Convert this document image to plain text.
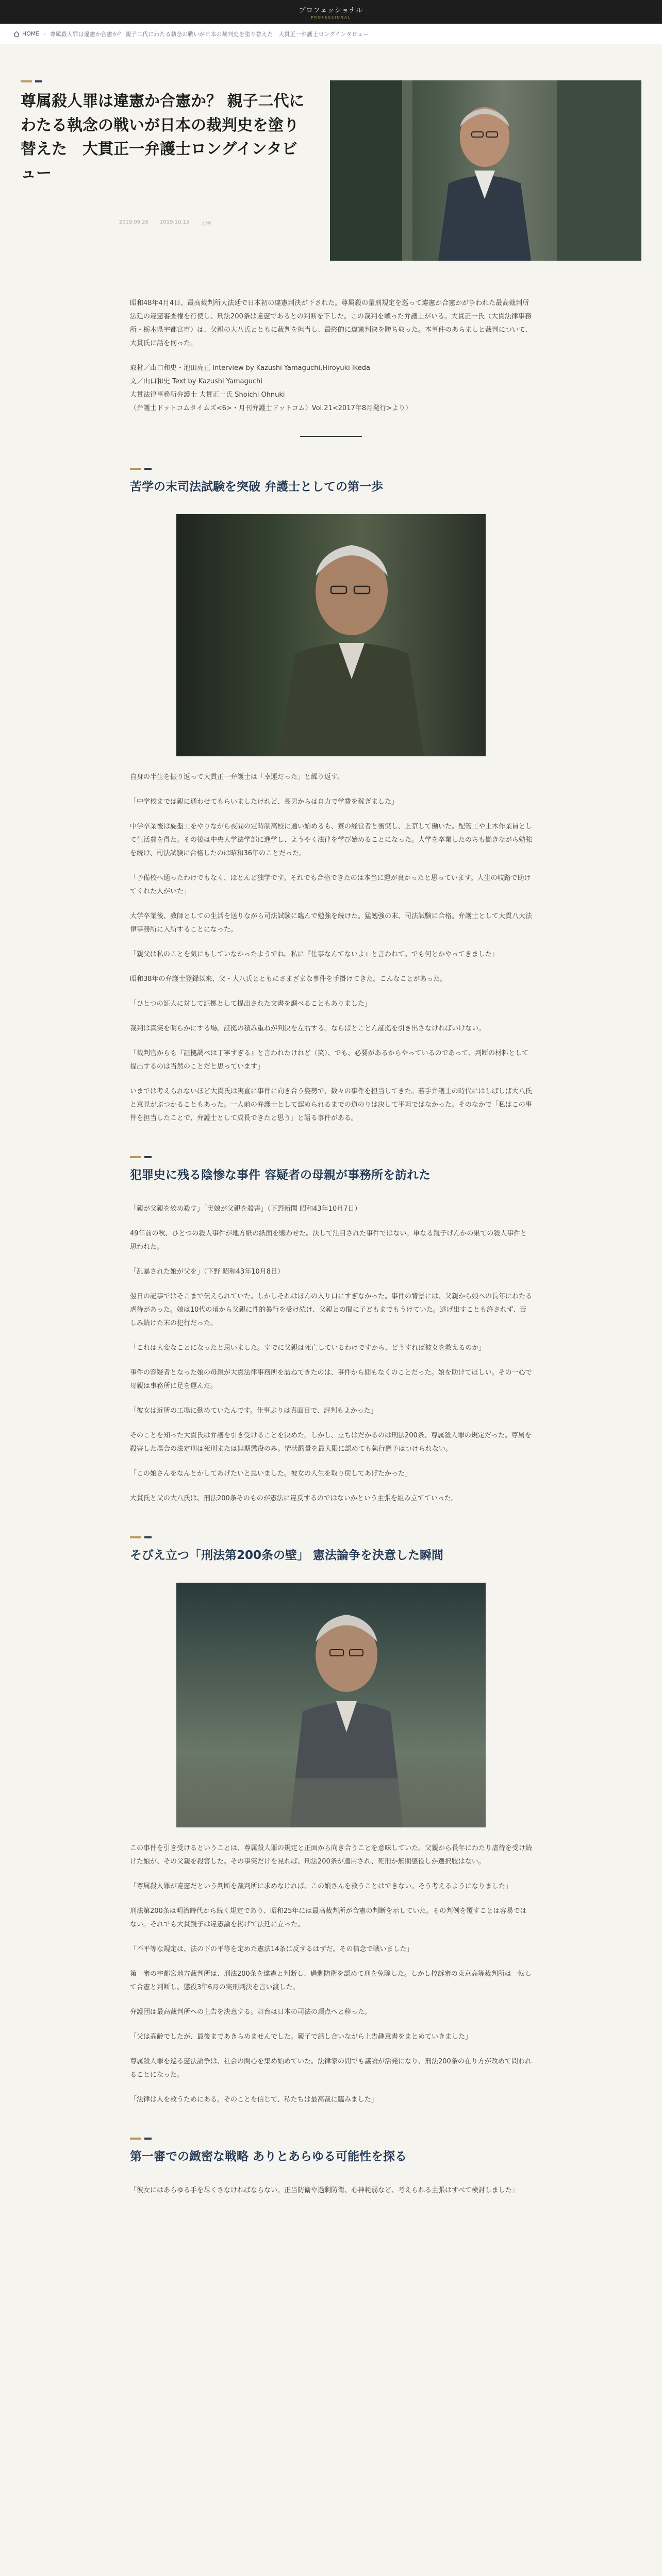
プロフェッショナル
PROFESSIONAL
HOME › 尊属殺人罪は違憲か合憲か？ 親子二代にわたる執念の戦いが日本の裁判史を塗り替えた　大貫正一弁護士ロングインタビュー
尊属殺人罪は違憲か合憲か？ 親子二代にわたる執念の戦いが日本の裁判史を塗り替えた　大貫正一弁護士ロングインタビュー
2019.09.26 2019.10.15 人物

昭和48年4月4日、最高裁判所大法廷で日本初の違憲判決が下された。尊属殺の量刑規定を巡って違憲か合憲かが争われた最高裁判所法廷の違憲審査権を行使し、刑法200条は違憲であるとの判断を下した。この裁判を戦った弁護士がいる。大貫正一氏（大貫法律事務所・栃木県宇都宮市）は、父親の大八氏とともに裁判を担当し、最終的に違憲判決を勝ち取った。本事件のあらましと裁判について、大貫氏に話を伺った。

取材／山口和史・池田亮正 Interview by Kazushi Yamaguchi,Hiroyuki Ikeda

文／山口和史 Text by Kazushi Yamaguchi

大貫法律事務所弁護士 大貫正一氏 Shoichi Ohnuki

（弁護士ドットコムタイムズ<6>・月刊弁護士ドットコム）Vol.21<2017年8月発行>より）

苦学の末司法試験を突破 弁護士としての第一歩

自身の半生を振り返って大貫正一弁護士は「幸運だった」と繰り返す。

「中学校までは親に通わせてもらいましたけれど、長男からは自力で学費を稼ぎました」

中学卒業後は旋盤工をやりながら夜間の定時制高校に通い始めるも、寮の経営者と衝突し、上京して働いた。配管工や土木作業員として生活費を得た。その後は中央大学法学部に進学し、ようやく法律を学び始めることになった。大学を卒業したのちも働きながら勉強を続け、司法試験に合格したのは昭和36年のことだった。

「予備校へ通ったわけでもなく、ほとんど独学です。それでも合格できたのは本当に運が良かったと思っています。人生の岐路で助けてくれた人がいた」

大学卒業後、教師としての生活を送りながら司法試験に臨んで勉強を続けた。猛勉強の末、司法試験に合格。弁護士として大貫八大法律事務所に入所することになった。

「親父は私のことを気にもしていなかったようでね。私に『仕事なんてないよ』と言われて。でも何とかやってきました」

昭和38年の弁護士登録以来、父・大八氏とともにさまざまな事件を手掛けてきた。こんなことがあった。

「ひとつの証人に対して証拠として提出された文書を調べることもありました」

裁判は真実を明らかにする場。証拠の積み重ねが判決を左右する。ならばとことん証拠を引き出さなければいけない。

「裁判官からも『証拠調べは丁寧すぎる』と言われたけれど（笑）、でも、必要があるからやっているのであって、判断の材料として提出するのは当然のことだと思っています」

いまでは考えられないほど大貫氏は実直に事件に向き合う姿勢で、数々の事件を担当してきた。若手弁護士の時代にはしばしば大八氏と意見がぶつかることもあった。一人前の弁護士として認められるまでの道のりは決して平坦ではなかった。そのなかで「私はこの事件を担当したことで、弁護士として成長できたと思う」と語る事件がある。

犯罪史に残る陰惨な事件 容疑者の母親が事務所を訪れた

「親が父親を絞め殺す」「実娘が父親を殺害」（下野新聞 昭和43年10月7日）

49年前の秋、ひとつの殺人事件が地方紙の紙面を賑わせた。決して注目された事件ではない。単なる親子げんかの果ての殺人事件と思われた。

「乱暴された娘が父を」（下野 昭和43年10月8日）

翌日の記事ではそこまで伝えられていた。しかしそれはほんの入り口にすぎなかった。事件の背景には、父親から娘への長年にわたる虐待があった。娘は10代の頃から父親に性的暴行を受け続け、父親との間に子どもまでもうけていた。逃げ出すことも許されず、苦しみ続けた末の犯行だった。

「これは大変なことになったと思いました。すでに父親は死亡しているわけですから、どうすれば彼女を救えるのか」

事件の容疑者となった娘の母親が大貫法律事務所を訪ねてきたのは、事件から間もなくのことだった。娘を助けてほしい。その一心で母親は事務所に足を運んだ。

「彼女は近所の工場に勤めていたんです。仕事ぶりは真面目で、評判もよかった」

そのことを知った大貫氏は弁護を引き受けることを決めた。しかし、立ちはだかるのは刑法200条、尊属殺人罪の規定だった。尊属を殺害した場合の法定刑は死刑または無期懲役のみ。情状酌量を最大限に認めても執行猶予はつけられない。

「この娘さんをなんとかしてあげたいと思いました。彼女の人生を取り戻してあげたかった」

大貫氏と父の大八氏は、刑法200条そのものが憲法に違反するのではないかという主張を組み立てていった。

そびえ立つ「刑法第200条の壁」 憲法論争を決意した瞬間

この事件を引き受けるということは、尊属殺人罪の規定と正面から向き合うことを意味していた。父親から長年にわたり虐待を受け続けた娘が、その父親を殺害した。その事実だけを見れば、刑法200条が適用され、死刑か無期懲役しか選択肢はない。

「尊属殺人罪が違憲だという判断を裁判所に求めなければ、この娘さんを救うことはできない。そう考えるようになりました」

刑法第200条は明治時代から続く規定であり、昭和25年には最高裁判所が合憲の判断を示していた。その判例を覆すことは容易ではない。それでも大貫親子は違憲論を掲げて法廷に立った。

「不平等な規定は、法の下の平等を定めた憲法14条に反するはずだ。その信念で戦いました」

第一審の宇都宮地方裁判所は、刑法200条を違憲と判断し、過剰防衛を認めて刑を免除した。しかし控訴審の東京高等裁判所は一転して合憲と判断し、懲役3年6月の実刑判決を言い渡した。

弁護団は最高裁判所への上告を決意する。舞台は日本の司法の頂点へと移った。

「父は高齢でしたが、最後まであきらめませんでした。親子で話し合いながら上告趣意書をまとめていきました」

尊属殺人罪を巡る憲法論争は、社会の関心を集め始めていた。法律家の間でも議論が活発になり、刑法200条の在り方が改めて問われることになった。

「法律は人を救うためにある。そのことを信じて、私たちは最高裁に臨みました」

第一審での緻密な戦略 ありとあらゆる可能性を探る

「彼女にはあらゆる手を尽くさなければならない。正当防衛や過剰防衛、心神耗弱など、考えられる主張はすべて検討しました」
